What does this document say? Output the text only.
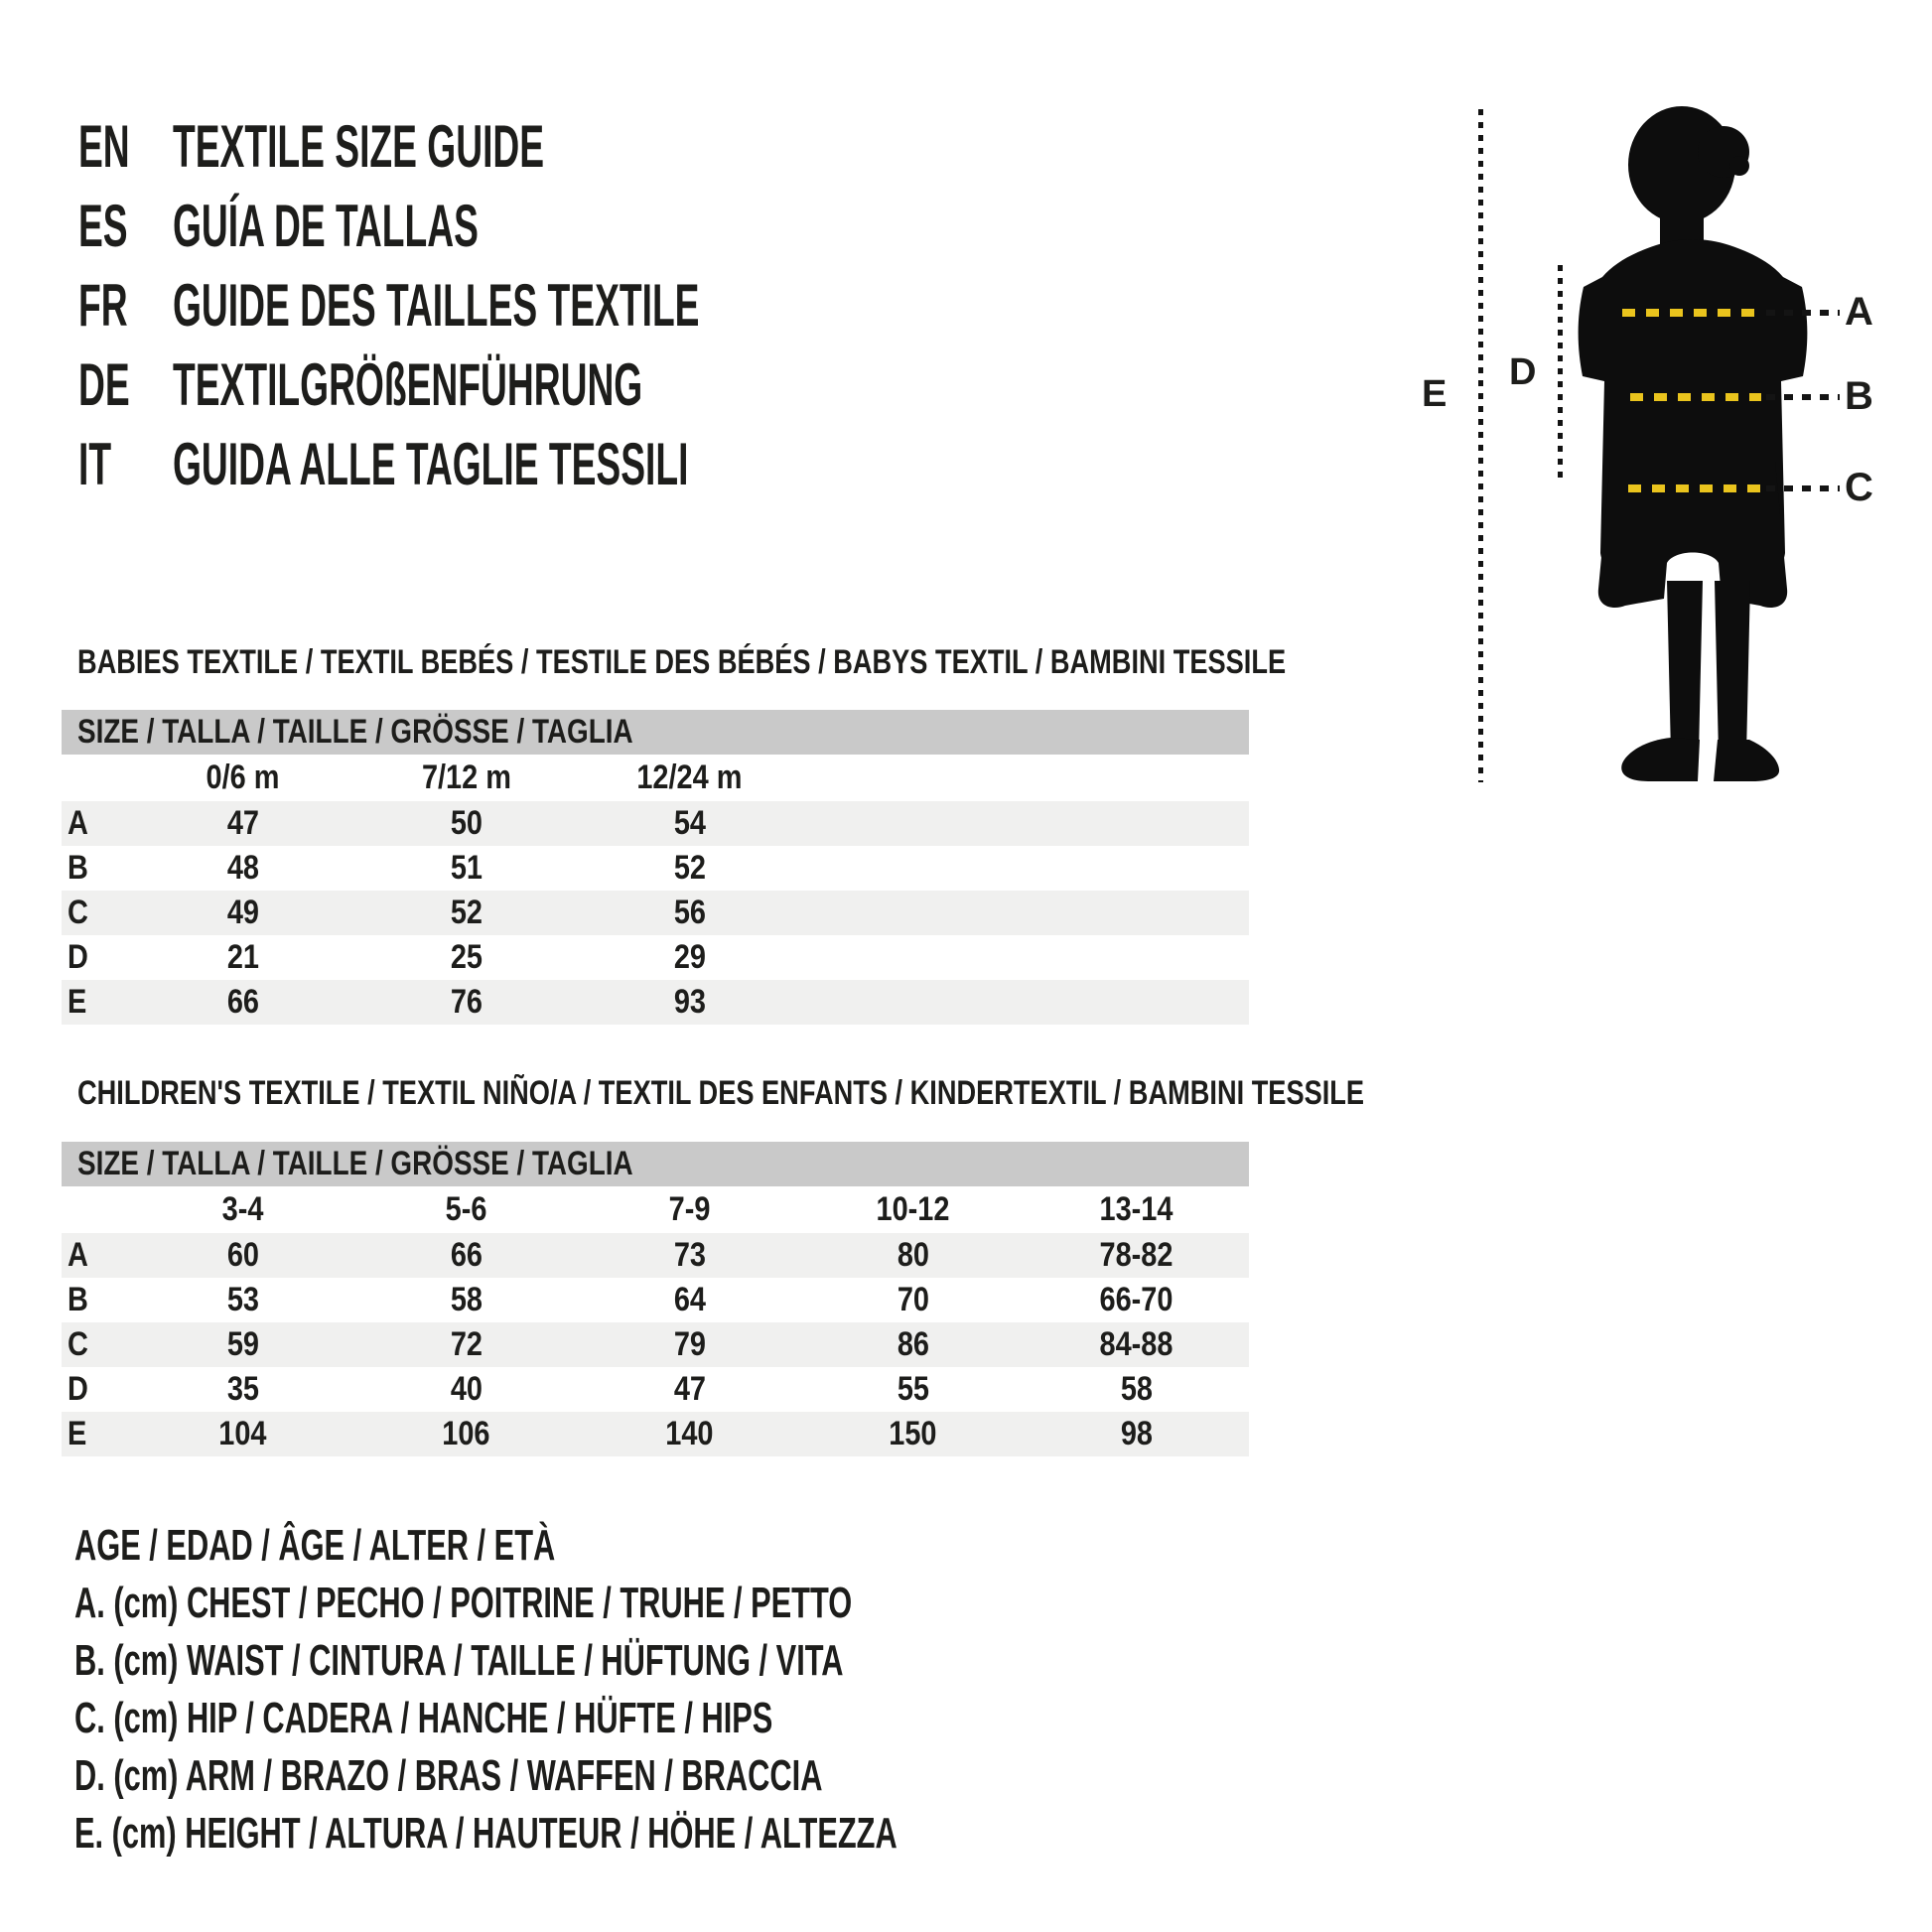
EN TEXTILE SIZE GUIDE
ES GUÍA DE TALLAS
FR GUIDE DES TAILLES TEXTILE
DE TEXTILGRÖßENFÜHRUNG
IT	GUIDA ALLE TAGLIE TESSILI
E
D
A
B
C
BABIES TEXTILE / TEXTIL BEBÉS / TESTILE DES BÉBÉS / BABYS TEXTIL / BAMBINI TESSILE
SIZE / TALLA / TAILLE / GRÖSSE / TAGLIA
0/6 m	7/12 m	12/24 m
A	47	50	54
B	48	51	52
C	49	52	56
D	21	25	29
E	66	76	93
CHILDREN'S TEXTILE / TEXTIL NIÑO/A / TEXTIL DES ENFANTS / KINDERTEXTIL / BAMBINI TESSILE
SIZE / TALLA / TAILLE / GRÖSSE / TAGLIA
3-4	5-6	7-9	10-12	13-14
A	60	66	73	80	78-82
B	53	58	64	70	66-70
C	59	72	79	86	84-88
D	35	40	47	55	58
E	104	106	140	150	98
AGE / EDAD / ÂGE / ALTER / ETÀ
A. (cm) CHEST / PECHO / POITRINE / TRUHE / PETTO
B. (cm) WAIST / CINTURA / TAILLE / HÜFTUNG / VITA
C. (cm) HIP / CADERA / HANCHE / HÜFTE / HIPS
D. (cm) ARM / BRAZO / BRAS / WAFFEN / BRACCIA
E. (cm) HEIGHT / ALTURA / HAUTEUR / HÖHE / ALTEZZA
